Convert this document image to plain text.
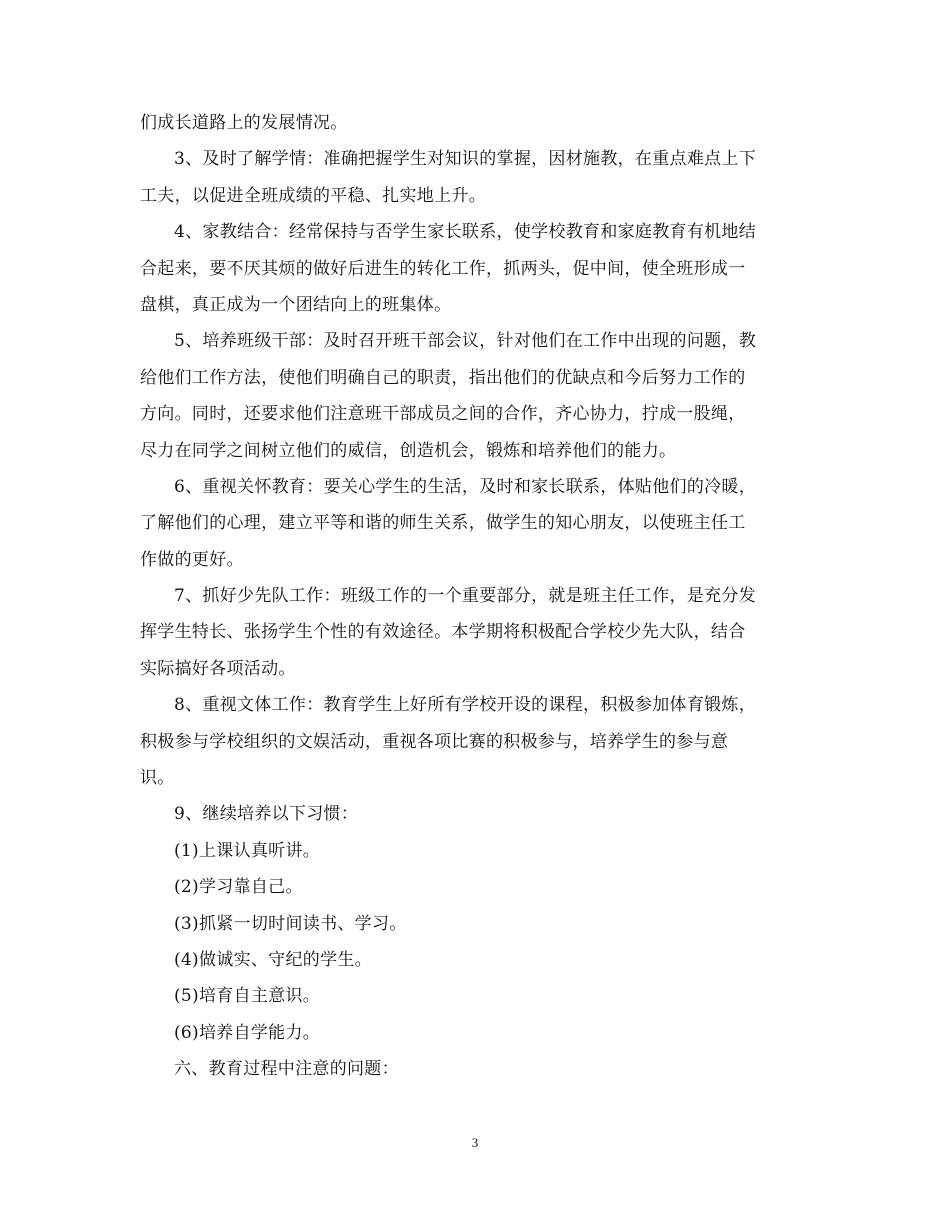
们成长道路上的发展情况。
3、及时了解学情：准确把握学生对知识的掌握，因材施教，在重点难点上下
工夫，以促进全班成绩的平稳、扎实地上升。
4、家教结合：经常保持与否学生家长联系，使学校教育和家庭教育有机地结
合起来，要不厌其烦的做好后进生的转化工作，抓两头，促中间，使全班形成一
盘棋，真正成为一个团结向上的班集体。
5、培养班级干部：及时召开班干部会议，针对他们在工作中出现的问题，教
给他们工作方法，使他们明确自己的职责，指出他们的优缺点和今后努力工作的
方向。同时，还要求他们注意班干部成员之间的合作，齐心协力，拧成一股绳，
尽力在同学之间树立他们的威信，创造机会，锻炼和培养他们的能力。
6、重视关怀教育：要关心学生的生活，及时和家长联系，体贴他们的冷暖，
了解他们的心理，建立平等和谐的师生关系，做学生的知心朋友，以使班主任工
作做的更好。
7、抓好少先队工作：班级工作的一个重要部分，就是班主任工作，是充分发
挥学生特长、张扬学生个性的有效途径。本学期将积极配合学校少先大队，结合
实际搞好各项活动。
8、重视文体工作：教育学生上好所有学校开设的课程，积极参加体育锻炼，
积极参与学校组织的文娱活动，重视各项比赛的积极参与，培养学生的参与意
识。
9、继续培养以下习惯：
(1)上课认真听讲。
(2)学习靠自己。
(3)抓紧一切时间读书、学习。
(4)做诚实、守纪的学生。
(5)培育自主意识。
(6)培养自学能力。
六、教育过程中注意的问题：
3
